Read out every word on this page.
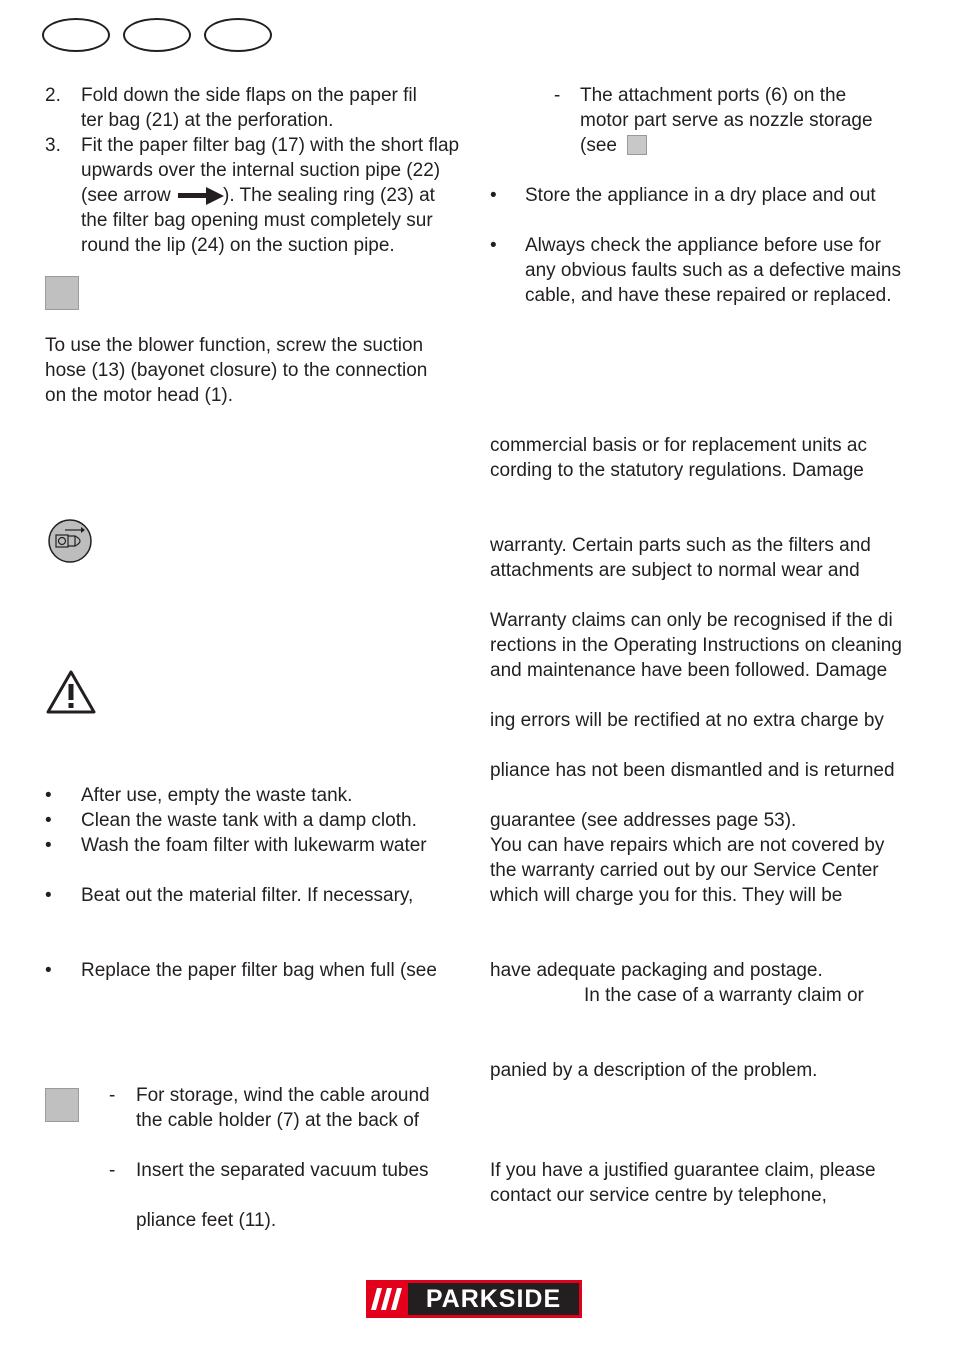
2.	Fold down the side flaps on the paper fil
ter bag (21) at the perforation.
3.	Fit the paper filter bag (17) with the short flap
upwards over the internal suction pipe (22)
(see arrow	). The sealing ring (23) at
the filter bag opening must completely sur
round the lip (24) on the suction pipe.
To use the blower function, screw the suction
hose (13) (bayonet closure) to the connection
on the motor head (1).
•	After use, empty the waste tank.
•	Clean the waste tank with a damp cloth.
•	Wash the foam filter with lukewarm water
•	Beat out the material filter. If necessary,
•	Replace the paper filter bag when full (see
-	For storage, wind the cable around
the cable holder (7) at the back of
-	Insert the separated vacuum tubes
pliance feet (11).
-	The attachment ports (6) on the
motor part serve as nozzle storage
(see
•	Store the appliance in a dry place and out
•	Always check the appliance before use for
any obvious faults such as a defective mains
cable, and have these repaired or replaced.
commercial basis or for replacement units ac
cording to the statutory regulations. Damage
warranty. Certain parts such as the filters and
attachments are subject to normal wear and
Warranty claims can only be recognised if the di
rections in the Operating Instructions on cleaning
and maintenance have been followed. Damage
ing errors will be rectified at no extra charge by
pliance has not been dismantled and is returned
guarantee (see addresses page 53).
You can have repairs which are not covered by
the warranty carried out by our Service Center
which will charge you for this. They will be
have adequate packaging and postage.
In the case of a warranty claim or
panied by a description of the problem.
If you have a justified guarantee claim, please
contact our service centre by telephone,
PARKSIDE
